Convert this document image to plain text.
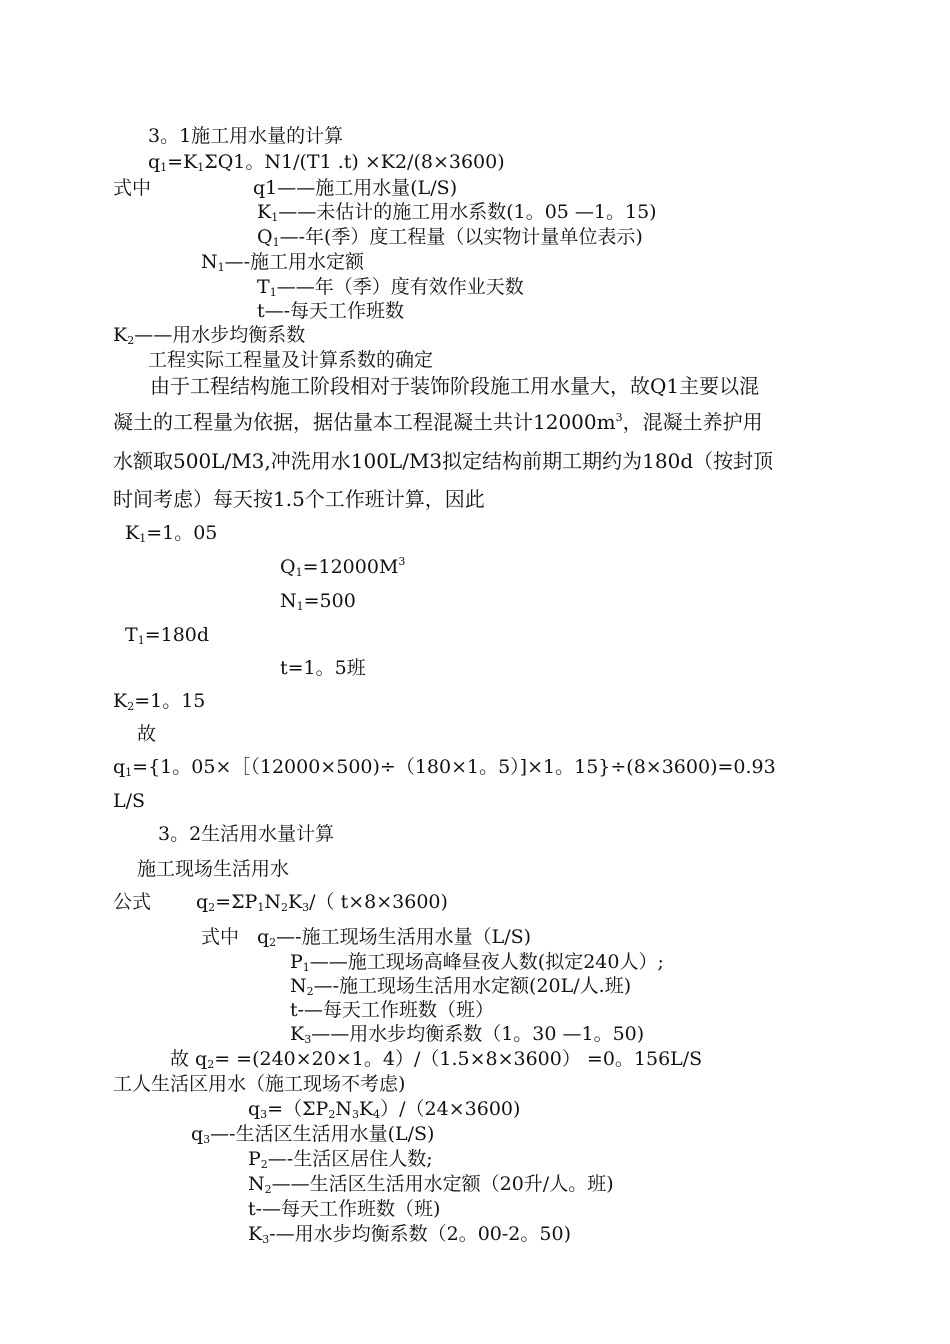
3。1施工用水量的计算
$q_1=K_1\Sigma Q1$。N1/(T1 .t) ×K2/(8×3600)
式中	q1——施工用水量(L/S)
$K_1——$未估计的施工用水系数(1。05 —1。15)
$Q_1—-$年(季）度工程量（以实物计量单位表示)
$N_1—-$施工用水定额
$T_1——$年（季）度有效作业天数
t—-每天工作班数
$K_2——$用水步均衡系数
工程实际工程量及计算系数的确定
由于工程结构施工阶段相对于装饰阶段施工用水量大，故Q1主要以混
凝土的工程量为依据，据估量本工程混凝土共计$12000m^3$，混凝土养护用
水额取500L/M3,冲洗用水100L/M3拟定结构前期工期约为180d（按封顶
时间考虑）每天按1.5个工作班计算，因此
$K_1=1$。05
$Q_1=12000M^3$
$N_1=500$
$T_1=180d$
t=1。5班
$K_2=1$。15
故
$q_1=\{1$。05×［（12000×500)÷（180×1。5）]×1。15}÷(8×3600)=0.93
L/S
3。2生活用水量计算
施工现场生活用水
公式 $q_2=\Sigma P_1N_2K_3/$（ t×8×3600)
式中 $q_2—-$施工现场生活用水量（L/S)
$P_1——$施工现场高峰昼夜人数(拟定240人）;
$N_2—-$施工现场生活用水定额(20L/人.班)
t-—每天工作班数（班）
$K_3——$用水步均衡系数（1。30 —1。50)
故 $q_2= =(240\times 20\times 1$。4）/（1.5×8×3600） =0。156L/S
工人生活区用水（施工现场不考虑)
$q_3=(\Sigma P_2N_3K_4)/(24\times 3600)$
$q_3—-$生活区生活用水量(L/S)
$P_2—-$生活区居住人数;
$N_2——$生活区生活用水定额（20升/人。班)
t-—每天工作班数（班)
$K_3-—$用水步均衡系数（2。00-2。50)
